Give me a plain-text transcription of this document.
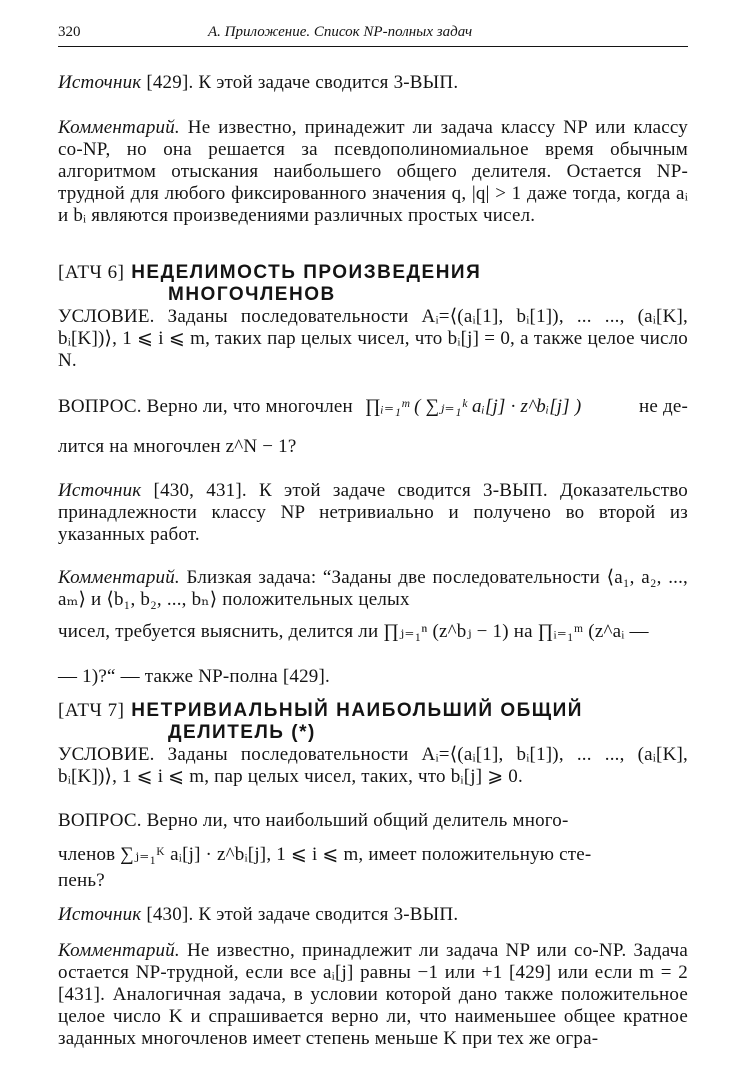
320	А. Приложение. Список NP-полных задач

Источник [429]. К этой задаче сводится 3-ВЫП.

Комментарий. Не известно, принадежит ли задача классу NP или классу co-NP, но она решается за псевдополиномиальное время обычным алгоритмом отыскания наибольшего общего делителя. Остается NP-трудной для любого фиксированного значения q, |q| > 1 даже тогда, когда aᵢ и bᵢ являются произведениями различных простых чисел.

[АТЧ 6] НЕДЕЛИМОСТЬ ПРОИЗВЕДЕНИЯ
МНОГОЧЛЕНОВ

УСЛОВИЕ. Заданы последовательности Aᵢ=⟨(aᵢ[1], bᵢ[1]), ... ..., (aᵢ[K], bᵢ[K])⟩, 1 ⩽ i ⩽ m, таких пар целых чисел, что bᵢ[j] = 0, а также целое число N.

ВОПРОС. Верно ли, что многочлен ∏ᵢ₌₁ᵐ ( ∑ⱼ₌₁ᵏ aᵢ[j] · z^bᵢ[j] )	не де-

лится на многочлен z^N − 1?

Источник [430, 431]. К этой задаче сводится 3-ВЫП. Доказательство принадлежности классу NP нетривиально и получено во второй из указанных работ.

Комментарий. Близкая задача: “Заданы две последовательности ⟨a₁, a₂, ..., aₘ⟩ и ⟨b₁, b₂, ..., bₙ⟩ положительных целых

чисел, требуется выяснить, делится ли ∏ⱼ₌₁ⁿ (z^bⱼ − 1) на ∏ᵢ₌₁ᵐ (z^aᵢ —

— 1)?“ — также NP-полна [429].

[АТЧ 7] НЕТРИВИАЛЬНЫЙ НАИБОЛЬШИЙ ОБЩИЙ
ДЕЛИТЕЛЬ (*)

УСЛОВИЕ. Заданы последовательности Aᵢ=⟨(aᵢ[1], bᵢ[1]), ... ..., (aᵢ[K], bᵢ[K])⟩, 1 ⩽ i ⩽ m, пар целых чисел, таких, что bᵢ[j] ⩾ 0.

ВОПРОС. Верно ли, что наибольший общий делитель много-

членов ∑ⱼ₌₁ᴷ aᵢ[j] · z^bᵢ[j], 1 ⩽ i ⩽ m, имеет положительную сте-

пень?

Источник [430]. К этой задаче сводится 3-ВЫП.

Комментарий. Не известно, принадлежит ли задача NP или co-NP. Задача остается NP-трудной, если все aᵢ[j] равны −1 или +1 [429] или если m = 2 [431]. Аналогичная задача, в условии которой дано также положительное целое число K и спрашивается верно ли, что наименьшее общее кратное заданных многочленов имеет степень меньше K при тех же огра-
